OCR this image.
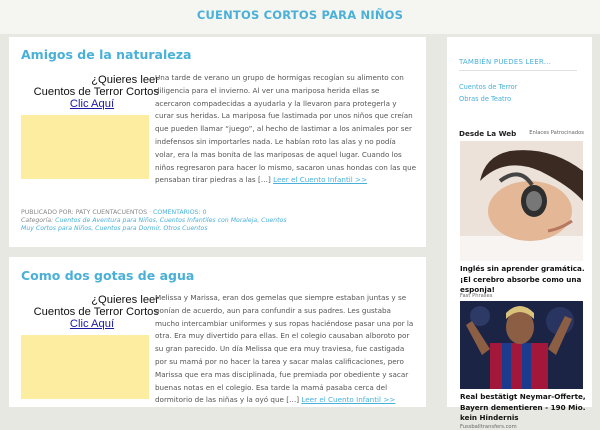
CUENTOS CORTOS PARA NIÑOS
Amigos de la naturaleza
¿Quieres leer
Cuentos de Terror Cortos
Clic Aquí

Una tarde de verano un grupo de hormigas recogían su alimento con diligencia para el invierno. Al ver una mariposa herida ellas se acercaron compadecidas a ayudarla y la llevaron para protegerla y curar sus heridas. La mariposa fue lastimada por unos niños que creían que pueden llamar “juego”, al hecho de lastimar a los animales por ser indefensos sin importarles nada. Le habían roto las alas y no podía volar, era la mas bonita de las mariposas de aquel lugar. Cuando los niños regresaron para hacer lo mismo, sacaron unas hondas con las que pensaban tirar piedras a las […] Leer el Cuento Infantil >>

PUBLICADO POR: PATY CUENTACUENTOS · COMENTARIOS: 0
Categoría: Cuentos de Aventura para Niños, Cuentos Infantiles con Moraleja, Cuentos Muy Cortos para Niños, Cuentos para Dormir, Otros Cuentos
Como dos gotas de agua
¿Quieres leer
Cuentos de Terror Cortos
Clic Aquí

Melissa y Marissa, eran dos gemelas que siempre estaban juntas y se ponían de acuerdo, aun para confundir a sus padres. Les gustaba mucho intercambiar uniformes y sus ropas haciéndose pasar una por la otra. Era muy divertido para ellas. En el colegio causaban alboroto por su gran parecido. Un día Melissa que era muy traviesa, fue castigada por su mamá por no hacer la tarea y sacar malas calificaciones, pero Marissa que era mas disciplinada, fue premiada por obediente y sacar buenas notas en el colegio. Esa tarde la mamá pasaba cerca del dormitorio de las niñas y la oyó que […] Leer el Cuento Infantil >>

TAMBIÉN PUEDES LEER...
Cuentos de Terror
Obras de Teatro
Desde La Web Enlaces Patrocinados
Inglés sin aprender gramática. ¡El cerebro absorbe como una esponja!
Fast Phrases
Real bestätigt Neymar-Offerte, Bayern dementieren - 190 Mio. kein Hindernis
Fussballtransfers.com
